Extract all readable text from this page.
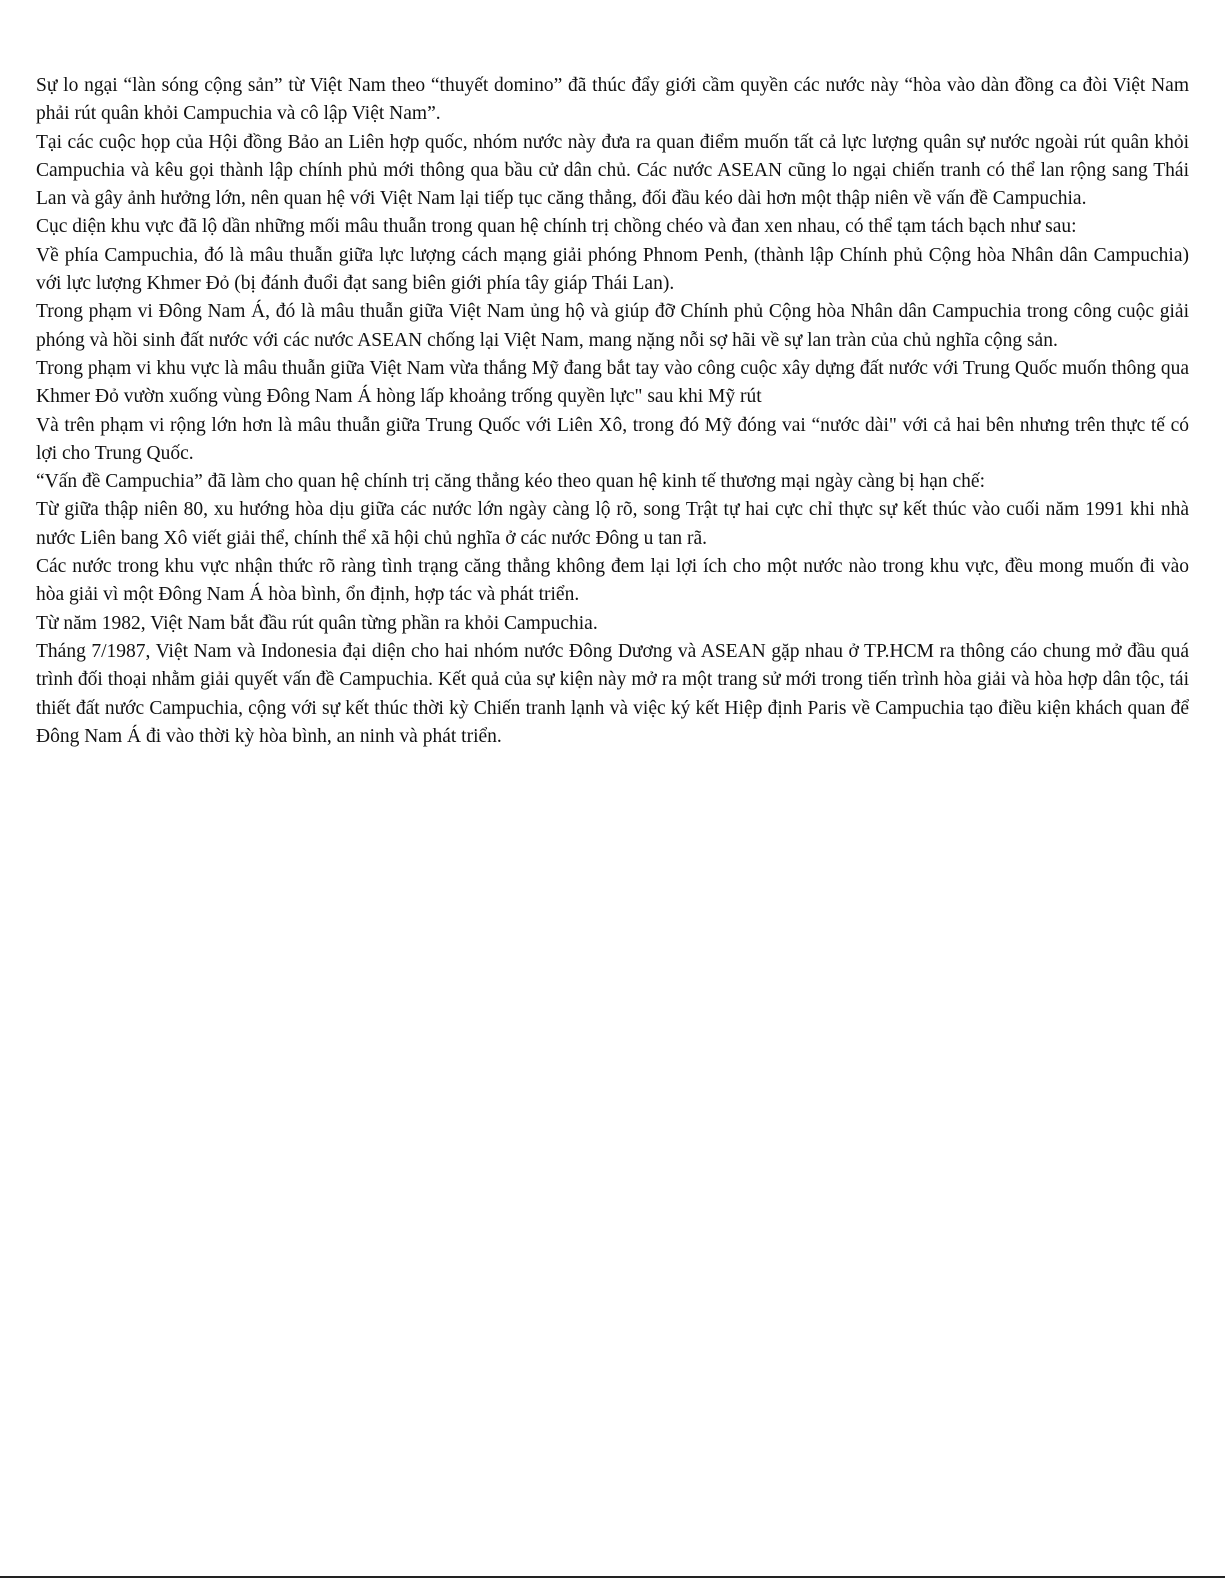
Sự lo ngại “làn sóng cộng sản” từ Việt Nam theo “thuyết domino” đã thúc đẩy giới cầm quyền các nước này “hòa vào dàn đồng ca đòi Việt Nam phải rút quân khỏi Campuchia và cô lập Việt Nam”.

Tại các cuộc họp của Hội đồng Bảo an Liên hợp quốc, nhóm nước này đưa ra quan điểm muốn tất cả lực lượng quân sự nước ngoài rút quân khỏi Campuchia và kêu gọi thành lập chính phủ mới thông qua bầu cử dân chủ. Các nước ASEAN cũng lo ngại chiến tranh có thể lan rộng sang Thái Lan và gây ảnh hưởng lớn, nên quan hệ với Việt Nam lại tiếp tục căng thẳng, đối đầu kéo dài hơn một thập niên về vấn đề Campuchia.

Cục diện khu vực đã lộ dần những mối mâu thuẫn trong quan hệ chính trị chồng chéo và đan xen nhau, có thể tạm tách bạch như sau:

Về phía Campuchia, đó là mâu thuẫn giữa lực lượng cách mạng giải phóng Phnom Penh, (thành lập Chính phủ Cộng hòa Nhân dân Campuchia) với lực lượng Khmer Đỏ (bị đánh đuổi đạt sang biên giới phía tây giáp Thái Lan).

Trong phạm vi Đông Nam Á, đó là mâu thuẫn giữa Việt Nam ủng hộ và giúp đỡ Chính phủ Cộng hòa Nhân dân Campuchia trong công cuộc giải phóng và hồi sinh đất nước với các nước ASEAN chống lại Việt Nam, mang nặng nỗi sợ hãi về sự lan tràn của chủ nghĩa cộng sản.

Trong phạm vi khu vực là mâu thuẫn giữa Việt Nam vừa thắng Mỹ đang bắt tay vào công cuộc xây dựng đất nước với Trung Quốc muốn thông qua Khmer Đỏ vườn xuống vùng Đông Nam Á hòng lấp khoảng trống quyền lực" sau khi Mỹ rút

Và trên phạm vi rộng lớn hơn là mâu thuẫn giữa Trung Quốc với Liên Xô, trong đó Mỹ đóng vai “nước dài" với cả hai bên nhưng trên thực tế có lợi cho Trung Quốc.

“Vấn đề Campuchia” đã làm cho quan hệ chính trị căng thẳng kéo theo quan hệ kinh tế thương mại ngày càng bị hạn chế:

Từ giữa thập niên 80, xu hướng hòa dịu giữa các nước lớn ngày càng lộ rõ, song Trật tự hai cực chỉ thực sự kết thúc vào cuối năm 1991 khi nhà nước Liên bang Xô viết giải thể, chính thể xã hội chủ nghĩa ở các nước Đông u tan rã.

Các nước trong khu vực nhận thức rõ ràng tình trạng căng thẳng không đem lại lợi ích cho một nước nào trong khu vực, đều mong muốn đi vào hòa giải vì một Đông Nam Á hòa bình, ổn định, hợp tác và phát triển.

Từ năm 1982, Việt Nam bắt đầu rút quân từng phần ra khỏi Campuchia.

Tháng 7/1987, Việt Nam và Indonesia đại diện cho hai nhóm nước Đông Dương và ASEAN gặp nhau ở TP.HCM ra thông cáo chung mở đầu quá trình đối thoại nhằm giải quyết vấn đề Campuchia. Kết quả của sự kiện này mở ra một trang sử mới trong tiến trình hòa giải và hòa hợp dân tộc, tái thiết đất nước Campuchia, cộng với sự kết thúc thời kỳ Chiến tranh lạnh và việc ký kết Hiệp định Paris về Campuchia tạo điều kiện khách quan để Đông Nam Á đi vào thời kỳ hòa bình, an ninh và phát triển.
